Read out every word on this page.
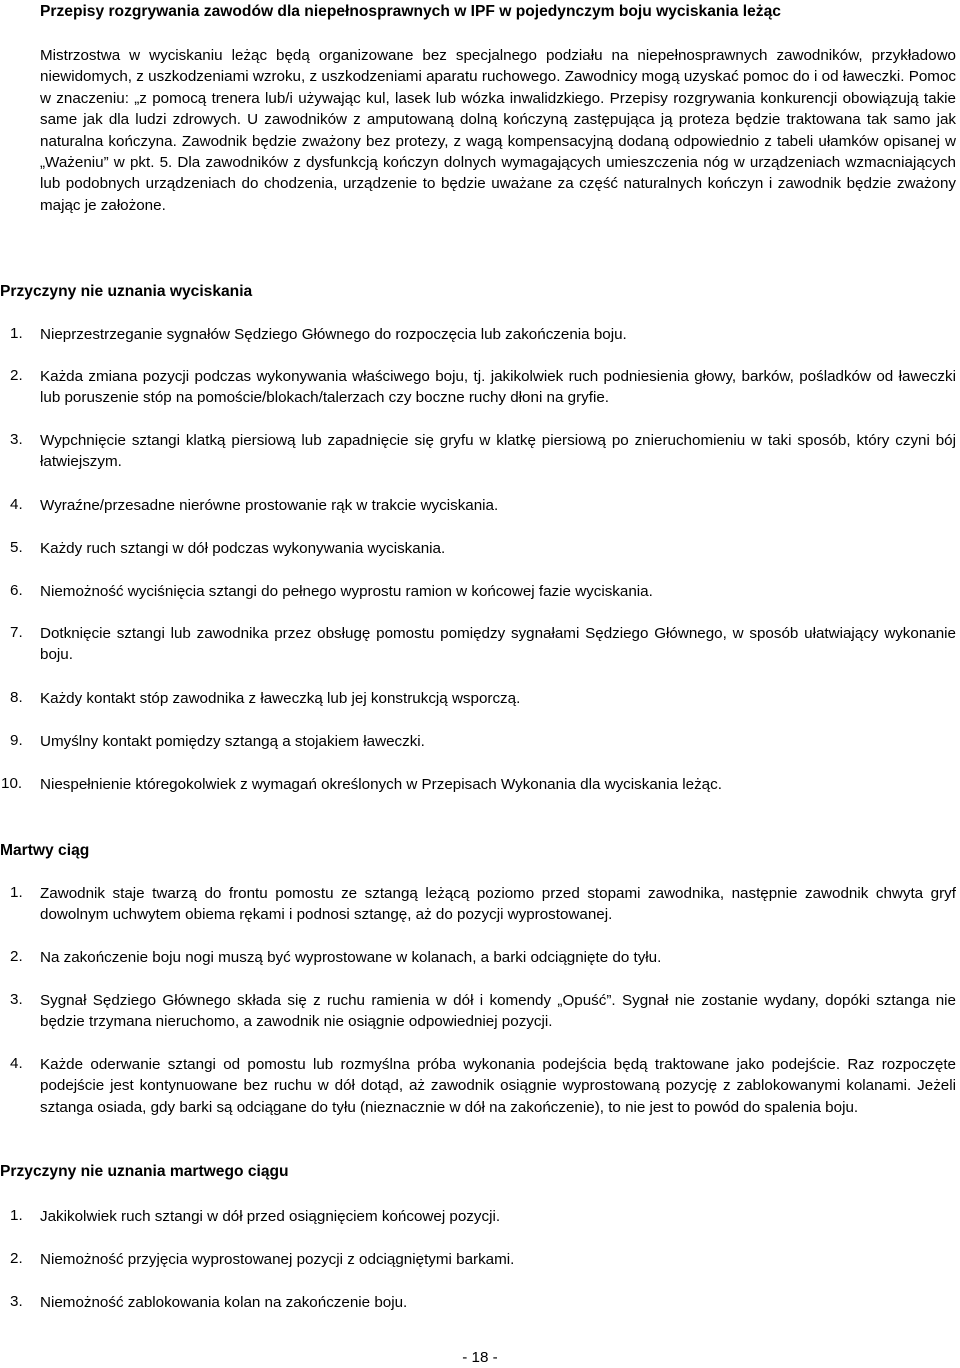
Przepisy rozgrywania zawodów dla niepełnosprawnych w IPF w pojedynczym boju wyciskania leżąc
Mistrzostwa w wyciskaniu leżąc będą organizowane bez specjalnego podziału na niepełnosprawnych zawodników, przykładowo niewidomych, z uszkodzeniami wzroku, z uszkodzeniami aparatu ruchowego. Zawodnicy mogą uzyskać pomoc do i od ławeczki. Pomoc w znaczeniu: „z pomocą trenera lub/i używając kul, lasek lub wózka inwalidzkiego. Przepisy rozgrywania konkurencji obowiązują takie same jak dla ludzi zdrowych. U zawodników z amputowaną dolną kończyną zastępująca ją proteza będzie traktowana tak samo jak naturalna kończyna. Zawodnik będzie zważony bez protezy, z wagą kompensacyjną dodaną odpowiednio z tabeli ułamków opisanej w „Ważeniu” w pkt. 5. Dla zawodników z dysfunkcją kończyn dolnych wymagających umieszczenia nóg w urządzeniach wzmacniających lub podobnych urządzeniach do chodzenia, urządzenie to będzie uważane za część naturalnych kończyn i zawodnik będzie zważony mając je założone.
Przyczyny nie uznania wyciskania
1. Nieprzestrzeganie sygnałów Sędziego Głównego do rozpoczęcia lub zakończenia boju.
2. Każda zmiana pozycji podczas wykonywania właściwego boju, tj. jakikolwiek ruch podniesienia głowy, barków, pośladków od ławeczki lub poruszenie stóp na pomoście/blokach/talerzach czy boczne ruchy dłoni na gryfie.
3. Wypchnięcie sztangi klatką piersiową lub zapadnięcie się gryfu w klatkę piersiową po znieruchomieniu w taki sposób, który czyni bój łatwiejszym.
4. Wyraźne/przesadne nierówne prostowanie rąk w trakcie wyciskania.
5. Każdy ruch sztangi w dół podczas wykonywania wyciskania.
6. Niemożność wyciśnięcia sztangi do pełnego wyprostu ramion w końcowej fazie wyciskania.
7. Dotknięcie sztangi lub zawodnika przez obsługę pomostu pomiędzy sygnałami Sędziego Głównego, w sposób ułatwiający wykonanie boju.
8. Każdy kontakt stóp zawodnika z ławeczką lub jej konstrukcją wsporczą.
9. Umyślny kontakt pomiędzy sztangą a stojakiem ławeczki.
10. Niespełnienie któregokolwiek z wymagań określonych w Przepisach Wykonania dla wyciskania leżąc.
Martwy ciąg
1. Zawodnik staje twarzą do frontu pomostu ze sztangą leżącą poziomo przed stopami zawodnika, następnie zawodnik chwyta gryf dowolnym uchwytem obiema rękami i podnosi sztangę, aż do pozycji wyprostowanej.
2. Na zakończenie boju nogi muszą być wyprostowane w kolanach, a barki odciągnięte do tyłu.
3. Sygnał Sędziego Głównego składa się z ruchu ramienia w dół i komendy „Opuść”. Sygnał nie zostanie wydany, dopóki sztanga nie będzie trzymana nieruchomo, a zawodnik nie osiągnie odpowiedniej pozycji.
4. Każde oderwanie sztangi od pomostu lub rozmyślna próba wykonania podejścia będą traktowane jako podejście. Raz rozpoczęte podejście jest kontynuowane bez ruchu w dół dotąd, aż zawodnik osiągnie wyprostowaną pozycję z zablokowanymi kolanami. Jeżeli sztanga osiada, gdy barki są odciągane do tyłu (nieznacznie w dół na zakończenie), to nie jest to powód do spalenia boju.
Przyczyny nie uznania martwego ciągu
1. Jakikolwiek ruch sztangi w dół przed osiągnięciem końcowej pozycji.
2. Niemożność przyjęcia wyprostowanej pozycji z odciągniętymi barkami.
3. Niemożność zablokowania kolan na zakończenie boju.
- 18 -
